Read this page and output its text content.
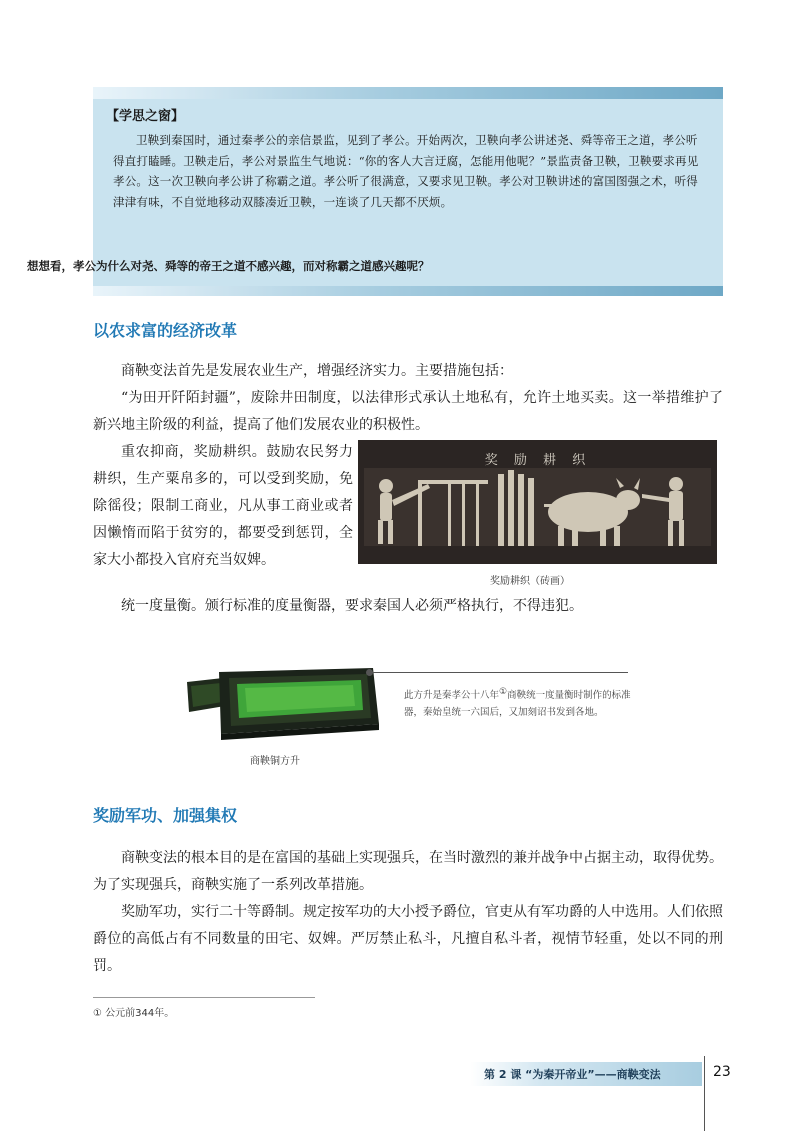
【学思之窗】

卫鞅到秦国时，通过秦孝公的亲信景监，见到了孝公。开始两次，卫鞅向孝公讲述尧、舜等帝王之道，孝公听得直打瞌睡。卫鞅走后，孝公对景监生气地说：“你的客人大言迂腐，怎能用他呢？”景监责备卫鞅，卫鞅要求再见孝公。这一次卫鞅向孝公讲了称霸之道。孝公听了很满意，又要求见卫鞅。孝公对卫鞅讲述的富国图强之术，听得津津有味，不自觉地移动双膝凑近卫鞅，一连谈了几天都不厌烦。

想想看，孝公为什么对尧、舜等的帝王之道不感兴趣，而对称霸之道感兴趣呢？
以农求富的经济改革

商鞅变法首先是发展农业生产，增强经济实力。主要措施包括：

“为田开阡陌封疆”，废除井田制度，以法律形式承认土地私有，允许土地买卖。这一举措维护了新兴地主阶级的利益，提高了他们发展农业的积极性。

重农抑商，奖励耕织。鼓励农民努力耕织，生产粟帛多的，可以受到奖励，免除徭役；限制工商业，凡从事工商业或者因懒惰而陷于贫穷的，都要受到惩罚，全家大小都投入官府充当奴婢。

奖 励 耕 织
奖励耕织（砖画）

统一度量衡。颁行标准的度量衡器，要求秦国人必须严格执行，不得违犯。

此方升是秦孝公十八年①商鞅统一度量衡时制作的标准器，秦始皇统一六国后，又加刻诏书发到各地。
商鞅铜方升
奖励军功、加强集权

商鞅变法的根本目的是在富国的基础上实现强兵，在当时激烈的兼并战争中占据主动，取得优势。为了实现强兵，商鞅实施了一系列改革措施。

奖励军功，实行二十等爵制。规定按军功的大小授予爵位，官吏从有军功爵的人中选用。人们依照爵位的高低占有不同数量的田宅、奴婢。严厉禁止私斗，凡擅自私斗者，视情节轻重，处以不同的刑罚。

① 公元前344年。
第 2 课 “为秦开帝业”——商鞅变法	23
